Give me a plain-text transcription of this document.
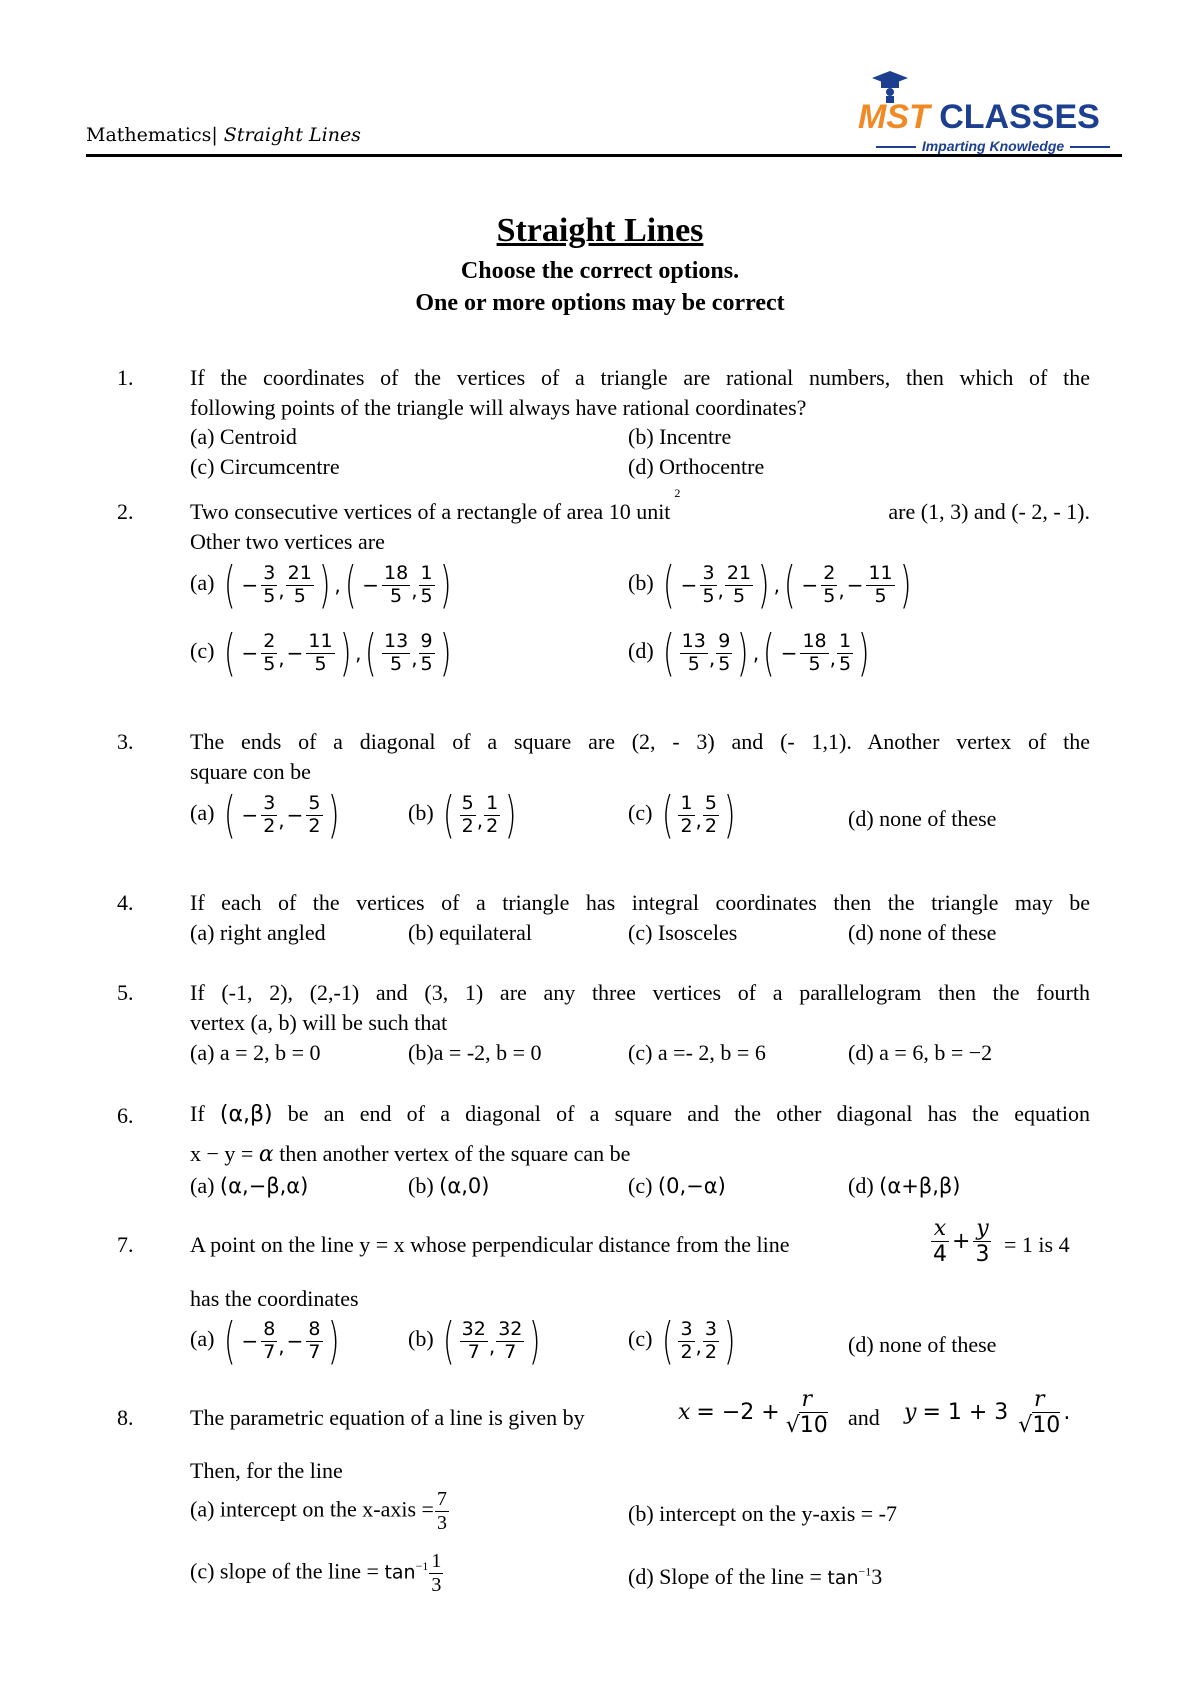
Mathematics| Straight Lines	MST CLASSES
Imparting Knowledge
Straight Lines
Choose the correct options.
One or more options may be correct
1.	If the coordinates of the vertices of a triangle are rational numbers, then which of the
following points of the triangle will always have rational coordinates?
(a) Centroid	(b) Incentre
(c) Circumcentre	(d) Orthocentre
2.	Two consecutive vertices of a rectangle of area 10 unit$^2$
are (1, 3) and (- 2, - 1).
Other two vertices are
(a) ( − $\frac{3}{5}$ , $\frac{21}{5}$ ) , ( − $\frac{18}{5}$ , $\frac{1}{5}$ )	(b) ( − $\frac{3}{5}$ , $\frac{21}{5}$ ) , ( − $\frac{2}{5}$ , − $\frac{11}{5}$ )
(c) ( − $\frac{2}{5}$ , − $\frac{11}{5}$ ) , ( $\frac{13}{5}$ , $\frac{9}{5}$ )	(d) ( $\frac{13}{5}$ , $\frac{9}{5}$ ) , ( − $\frac{18}{5}$ , $\frac{1}{5}$ )
3.	The ends of a diagonal of a square are (2, - 3) and (- 1,1). Another vertex of the
square con be
(a) ( − $\frac{3}{2}$ , − $\frac{5}{2}$ )	(b) ( $\frac{5}{2}$ , $\frac{1}{2}$ )	(c) ( $\frac{1}{2}$ , $\frac{5}{2}$ )	(d) none of these
4.	If each of the vertices of a triangle has integral coordinates then the triangle may be
(a) right angled	(b) equilateral	(c) Isosceles	(d) none of these
5.	If (-1, 2), (2,-1) and (3, 1) are any three vertices of a parallelogram then the fourth
vertex (a, b) will be such that
(a) a = 2, b = 0	(b)a = -2, b = 0	(c) a =- 2, b = 6	(d) a = 6, b = −2
6.	If (α,β) be an end of a diagonal of a square and the other diagonal has the equation
x − y = α then another vertex of the square can be
(a) (α,−β,α)	(b) (α,0)	(c) (0,−α)	(d) (α+β,β)
7.	A point on the line y = x whose perpendicular distance from the line	$\frac{x}{4} + \frac{y}{3} = 1$ is 4
has the coordinates
(a) ( − $\frac{8}{7}$ , − $\frac{8}{7}$ )	(b) ( $\frac{32}{7}$ , $\frac{32}{7}$ )	(c) ( $\frac{3}{2}$ , $\frac{3}{2}$ )	(d) none of these
8.	The parametric equation of a line is given by	$x = -2 + \frac{r}{√10}$ and $y = 1 + 3 \frac{r}{√10}$ .
Then, for the line
(a) intercept on the x-axis = $\frac{7}{3}$	(b) intercept on the y-axis = -7
(c) slope of the line = $\tan^{-1} \frac{1}{3}$	(d) Slope of the line = $\tan^{-1}3$
